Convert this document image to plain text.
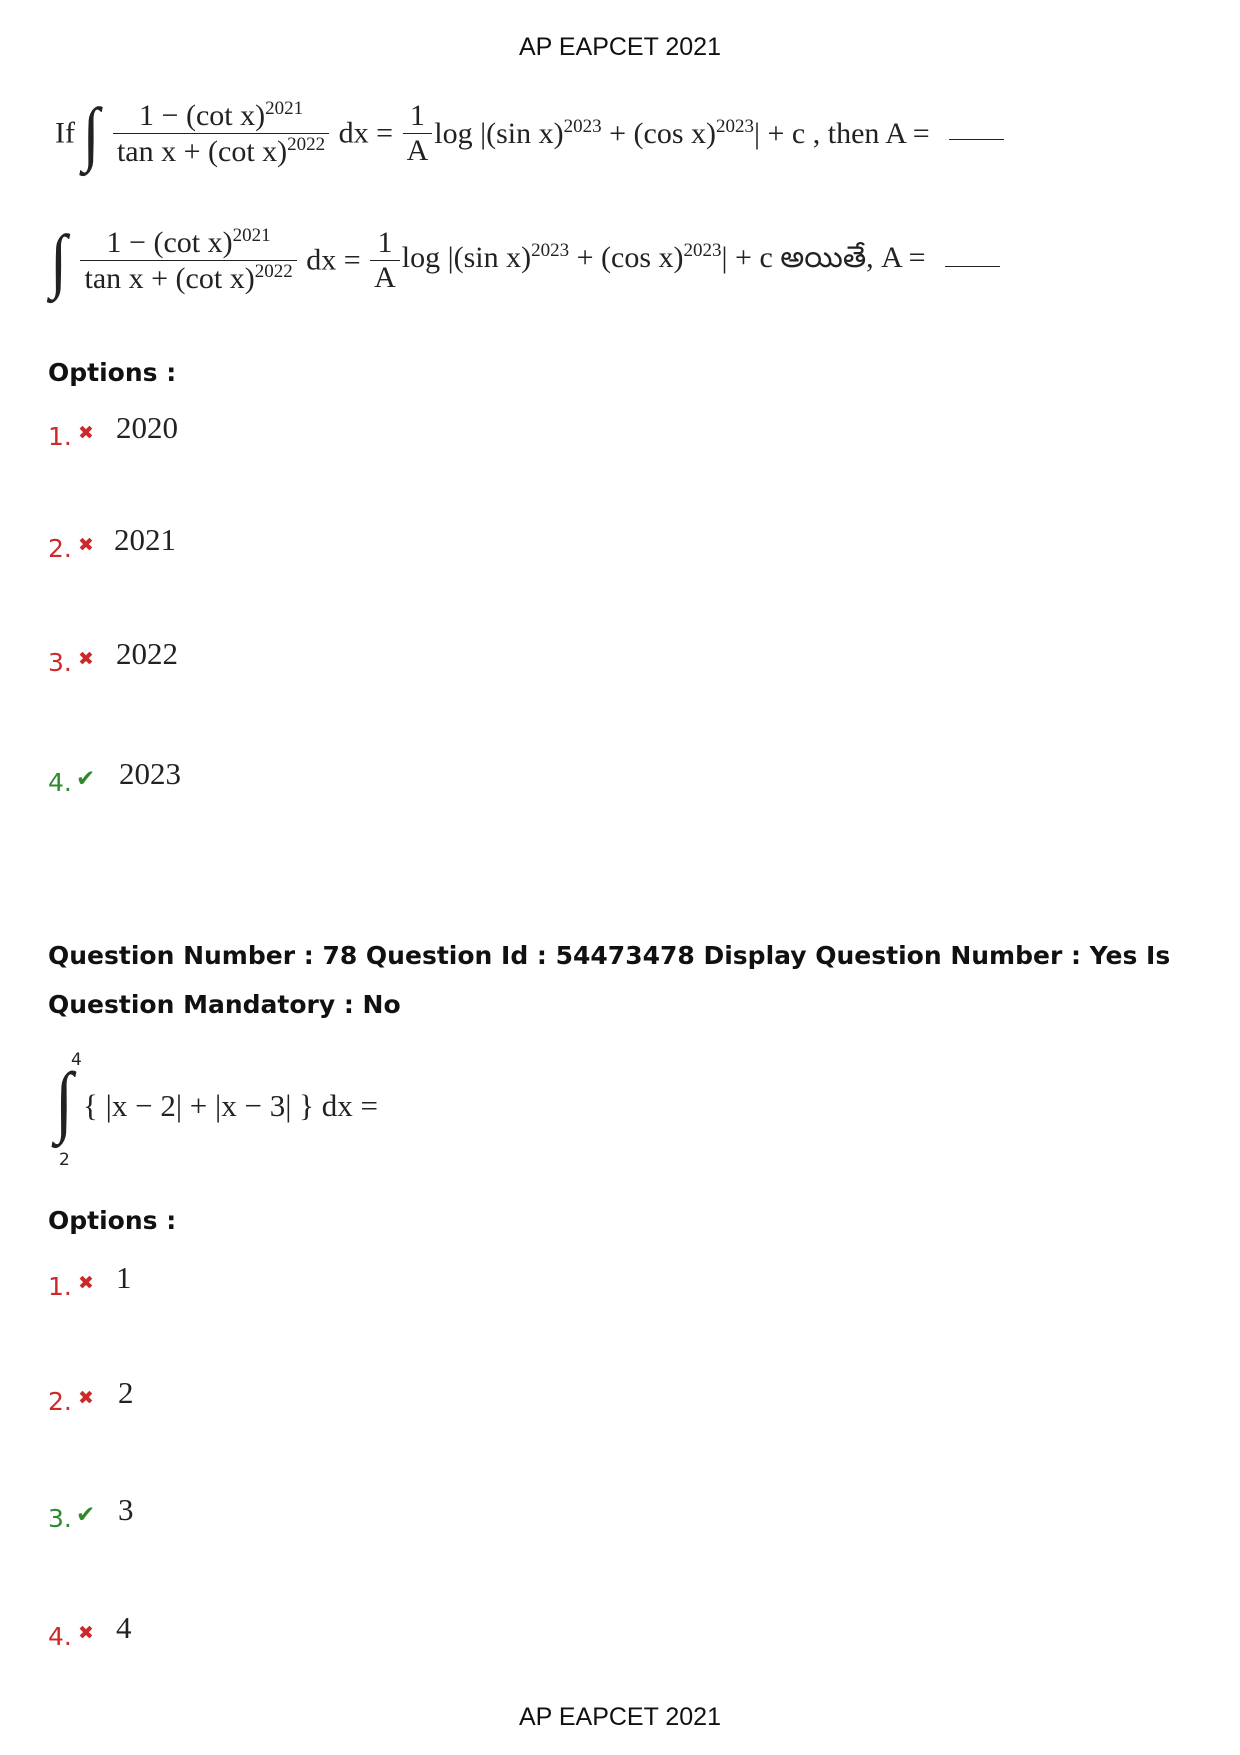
AP EAPCET 2021
If ∫ $\frac{1 - (\cot x)^{2021}}{\tan x + (\cot x)^{2022}}$ dx = $\frac{1}{A}$ log |(sin x)$^{2023}$ + (cos x)$^{2023}$| + c , then A =
∫ $\frac{1 - (\cot x)^{2021}}{\tan x + (\cot x)^{2022}}$ dx = $\frac{1}{A}$ log |(sin x)$^{2023}$ + (cos x)$^{2023}$| + c అయితే, A =
Options :
1. ✖ 2020
2. ✖ 2021
3. ✖ 2022
4. ✔ 2023
Question Number : 78 Question Id : 54473478 Display Question Number : Yes Is Question Mandatory : No
4
∫ { |x − 2| + |x − 3| } dx =
2
Options :
1. ✖ 1
2. ✖ 2
3. ✔ 3
4. ✖ 4
AP EAPCET 2021
